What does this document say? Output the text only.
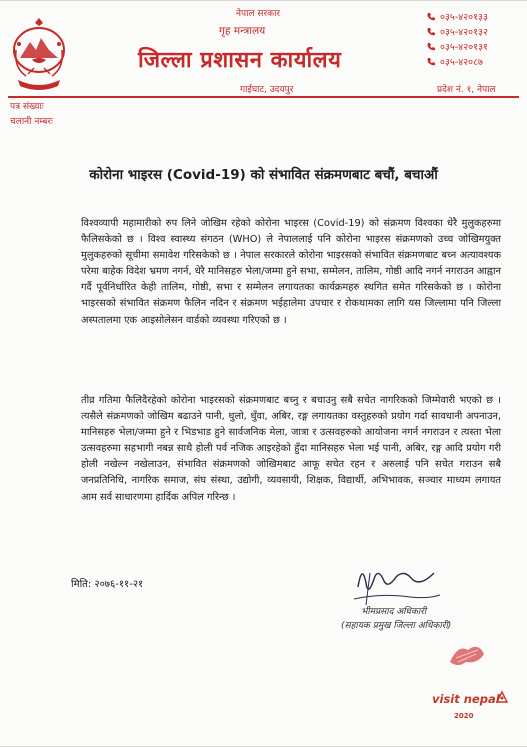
नेपाल सरकार
गृह मन्त्रालय
जिल्ला प्रशासन कार्यालय
गाईघाट, उदयपुर	प्रदेश नं. १, नेपाल
०३५-४२०१३३
०३५-४२०१३२
०३५-४२०१३१
०३५-४२०८७
पत्र संख्याः
चलानी नम्बरः
कोरोना भाइरस (Covid-19) को संभावित संक्रमणबाट बचौं, बचाऔं
विश्वव्यापी महामारीको रुप लिने जोखिम रहेको कोरोना भाइरस (Covid-19) को संक्रमण विश्वका धेरै मुलुकहरुमा फैलिसकेको छ । विश्व स्वास्थ्य संगठन (WHO) ले नेपाललाई पनि कोरोना भाइरस संक्रमणको उच्च जोखिमयुक्त मुलुकहरुको सूचीमा समावेश गरिसकेको छ । नेपाल सरकारले कोरोना भाइरसको संभावित संक्रमणबाट बच्न अत्यावश्यक परेमा बाहेक विदेश भ्रमण नगर्न, धेरै मानिसहरु भेला/जम्मा हुने सभा, सम्मेलन, तालिम, गोष्ठी आदि नगर्न नगराउन आह्वान गर्दै पूर्वनिर्धारित केही तालिम, गोष्ठी, सभा र सम्मेलन लगायतका कार्यक्रमहरु स्थगित समेत गरिसकेको छ । कोरोना भाइरसको संभावित संक्रमण फैलिन नदिन र संक्रमण भईहालेमा उपचार र रोकथामका लागि यस जिल्लामा पनि जिल्ला अस्पतालमा एक आइसोलेसन वार्डको व्यवस्था गरिएको छ ।
तीव्र गतिमा फैलिदैरहेको कोरोना भाइरसको संक्रमणबाट बच्नु र बचाउनु सबै सचेत नागरिकको जिम्मेवारी भएको छ । त्यसैले संक्रमणको जोखिम बढाउने पानी, धुलो, धुँवा, अबिर, रङ्ग लगायतका वस्तुहरुको प्रयोग गर्दा सावधानी अपनाउन, मानिसहरु भेला/जम्मा हुने र भिडभाड हुने सार्वजनिक मेला, जात्रा र उत्सवहरुको आयोजना नगर्न नगराउन र त्यस्ता भेला उत्सवहरुमा सहभागी नबन्न साथै होली पर्व नजिक आइरहेको हुँदा मानिसहरु भेला भई पानी, अबिर, रङ्ग आदि प्रयोग गरी होली नखेल्न नखेलाउन, संभावित संक्रमणको जोखिमबाट आफू सचेत रहन र अरुलाई पनि सचेत गराउन सबै जनप्रतिनिधि, नागरिक समाज, संघ संस्था, उद्योगी, व्यवसायी, शिक्षक, विद्यार्थी, अभिभावक, सञ्चार माध्यम लगायत आम सर्व साधारणमा हार्दिक अपिल गरिन्छ ।
मिति: २०७६-११-२१
भीमप्रसाद अधिकारी
(सहायक प्रमुख जिल्ला अधिकारी)
visit nepal
2020
